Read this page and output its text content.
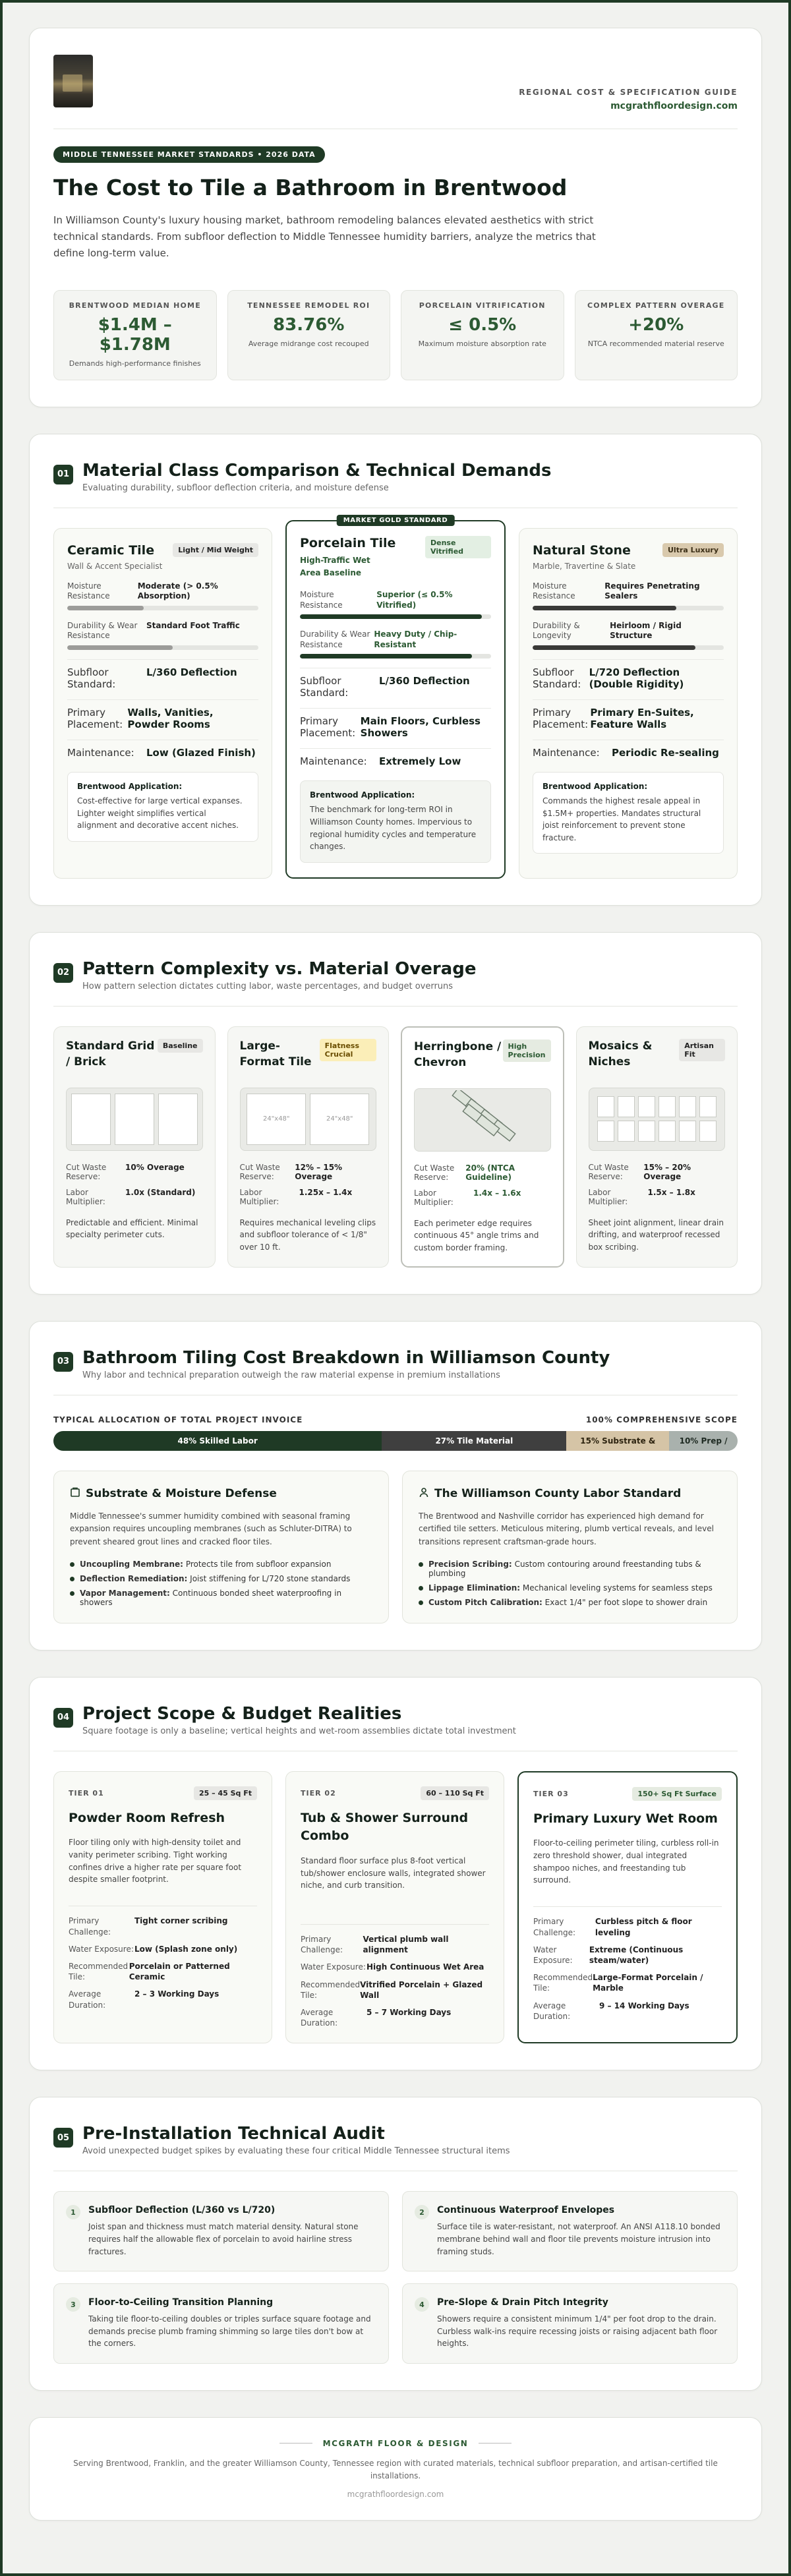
REGIONAL COST & SPECIFICATION GUIDE
mcgrathfloordesign.com
MIDDLE TENNESSEE MARKET STANDARDS • 2026 DATA
The Cost to Tile a Bathroom in Brentwood

In Williamson County's luxury housing market, bathroom remodeling balances elevated aesthetics with strict technical standards. From subfloor deflection to Middle Tennessee humidity barriers, analyze the metrics that define long-term value.

BRENTWOOD MEDIAN HOME
$1.4M – $1.78M
Demands high-performance finishes
TENNESSEE REMODEL ROI
83.76%
Average midrange cost recouped
PORCELAIN VITRIFICATION
≤ 0.5%
Maximum moisture absorption rate
COMPLEX PATTERN OVERAGE
+20%
NTCA recommended material reserve
01 Material Class Comparison & Technical Demands
Evaluating durability, subfloor deflection criteria, and moisture defense
Ceramic Tile
Wall & Accent Specialist
Light / Mid Weight
Moisture Resistance
Moderate (> 0.5% Absorption)
Durability & Wear Resistance
Standard Foot Traffic
Subfloor Standard:
L/360 Deflection
Primary Placement:
Walls, Vanities, Powder Rooms
Maintenance:	Low (Glazed Finish)
Brentwood Application:
Cost-effective for large vertical expanses. Lighter weight simplifies vertical alignment and decorative accent niches.
MARKET GOLD STANDARD
Porcelain Tile
High-Traffic Wet Area Baseline
Dense Vitrified
Moisture Resistance
Superior (≤ 0.5% Vitrified)
Durability & Wear Resistance
Heavy Duty / Chip-Resistant
Subfloor Standard:
L/360 Deflection
Primary Placement:
Main Floors, Curbless Showers
Maintenance:	Extremely Low
Brentwood Application:
The benchmark for long-term ROI in Williamson County homes. Impervious to regional humidity cycles and temperature changes.
Natural Stone
Marble, Travertine & Slate
Ultra Luxury
Moisture Resistance
Requires Penetrating Sealers
Durability & Longevity
Heirloom / Rigid Structure
Subfloor Standard:
L/720 Deflection (Double Rigidity)
Primary Placement:
Primary En-Suites, Feature Walls
Maintenance:	Periodic Re-sealing
Brentwood Application:
Commands the highest resale appeal in $1.5M+ properties. Mandates structural joist reinforcement to prevent stone fracture.
02 Pattern Complexity vs. Material Overage
How pattern selection dictates cutting labor, waste percentages, and budget overruns
Standard Grid / Brick
Baseline
Cut Waste Reserve:
10% Overage
Labor Multiplier:
1.0x (Standard)
Predictable and efficient. Minimal specialty perimeter cuts.
Large-Format Tile
Flatness Crucial
24"x48"	24"x48"
Cut Waste Reserve:
12% – 15% Overage
Labor Multiplier:
1.25x – 1.4x
Requires mechanical leveling clips and subfloor tolerance of < 1/8" over 10 ft.
Herringbone / Chevron
High Precision
Cut Waste Reserve:
20% (NTCA Guideline)
Labor Multiplier:
1.4x – 1.6x
Each perimeter edge requires continuous 45° angle trims and custom border framing.
Mosaics & Niches
Artisan Fit
Cut Waste Reserve:
15% – 20% Overage
Labor Multiplier:
1.5x – 1.8x
Sheet joint alignment, linear drain drifting, and waterproof recessed box scribing.
03 Bathroom Tiling Cost Breakdown in Williamson County
Why labor and technical preparation outweigh the raw material expense in premium installations
TYPICAL ALLOCATION OF TOTAL PROJECT INVOICE	100% COMPREHENSIVE SCOPE
48% Skilled Labor	27% Tile Material	15% Substrate &	10% Prep /
Substrate & Moisture Defense

Middle Tennessee's summer humidity combined with seasonal framing expansion requires uncoupling membranes (such as Schluter-DITRA) to prevent sheared grout lines and cracked floor tiles.

Uncoupling Membrane: Protects tile from subfloor expansion
Deflection Remediation: Joist stiffening for L/720 stone standards
Vapor Management: Continuous bonded sheet waterproofing in showers
The Williamson County Labor Standard

The Brentwood and Nashville corridor has experienced high demand for certified tile setters. Meticulous mitering, plumb vertical reveals, and level transitions represent craftsman-grade hours.

Precision Scribing: Custom contouring around freestanding tubs & plumbing
Lippage Elimination: Mechanical leveling systems for seamless steps
Custom Pitch Calibration: Exact 1/4" per foot slope to shower drain
04 Project Scope & Budget Realities
Square footage is only a baseline; vertical heights and wet-room assemblies dictate total investment
TIER 01	25 – 45 Sq Ft
Powder Room Refresh
Floor tiling only with high-density toilet and vanity perimeter scribing. Tight working confines drive a higher rate per square foot despite smaller footprint.
Primary Challenge:
Tight corner scribing
Water Exposure: Low (Splash zone only)
Recommended Tile:
Porcelain or Patterned Ceramic
Average Duration:
2 – 3 Working Days
TIER 02	60 – 110 Sq Ft
Tub & Shower Surround Combo
Standard floor surface plus 8-foot vertical tub/shower enclosure walls, integrated shower niche, and curb transition.
Primary Challenge:
Vertical plumb wall alignment
Water Exposure: High Continuous Wet Area
Recommended Tile:
Vitrified Porcelain + Glazed Wall
Average Duration:
5 – 7 Working Days
TIER 03	150+ Sq Ft Surface
Primary Luxury Wet Room
Floor-to-ceiling perimeter tiling, curbless roll-in zero threshold shower, dual integrated shampoo niches, and freestanding tub surround.
Primary Challenge:
Curbless pitch & floor leveling
Water Exposure:
Extreme (Continuous steam/water)
Recommended Tile:
Large-Format Porcelain / Marble
Average Duration:
9 – 14 Working Days
05 Pre-Installation Technical Audit
Avoid unexpected budget spikes by evaluating these four critical Middle Tennessee structural items
1	Subfloor Deflection (L/360 vs L/720)

Joist span and thickness must match material density. Natural stone requires half the allowable flex of porcelain to avoid hairline stress fractures.

2	Continuous Waterproof Envelopes

Surface tile is water-resistant, not waterproof. An ANSI A118.10 bonded membrane behind wall and floor tile prevents moisture intrusion into framing studs.

3	Floor-to-Ceiling Transition Planning

Taking tile floor-to-ceiling doubles or triples surface square footage and demands precise plumb framing shimming so large tiles don't bow at the corners.

4	Pre-Slope & Drain Pitch Integrity

Showers require a consistent minimum 1/4" per foot drop to the drain. Curbless walk-ins require recessing joists or raising adjacent bath floor heights.

MCGRATH FLOOR & DESIGN
Serving Brentwood, Franklin, and the greater Williamson County, Tennessee region with curated materials, technical subfloor preparation, and artisan-certified tile installations.
mcgrathfloordesign.com
